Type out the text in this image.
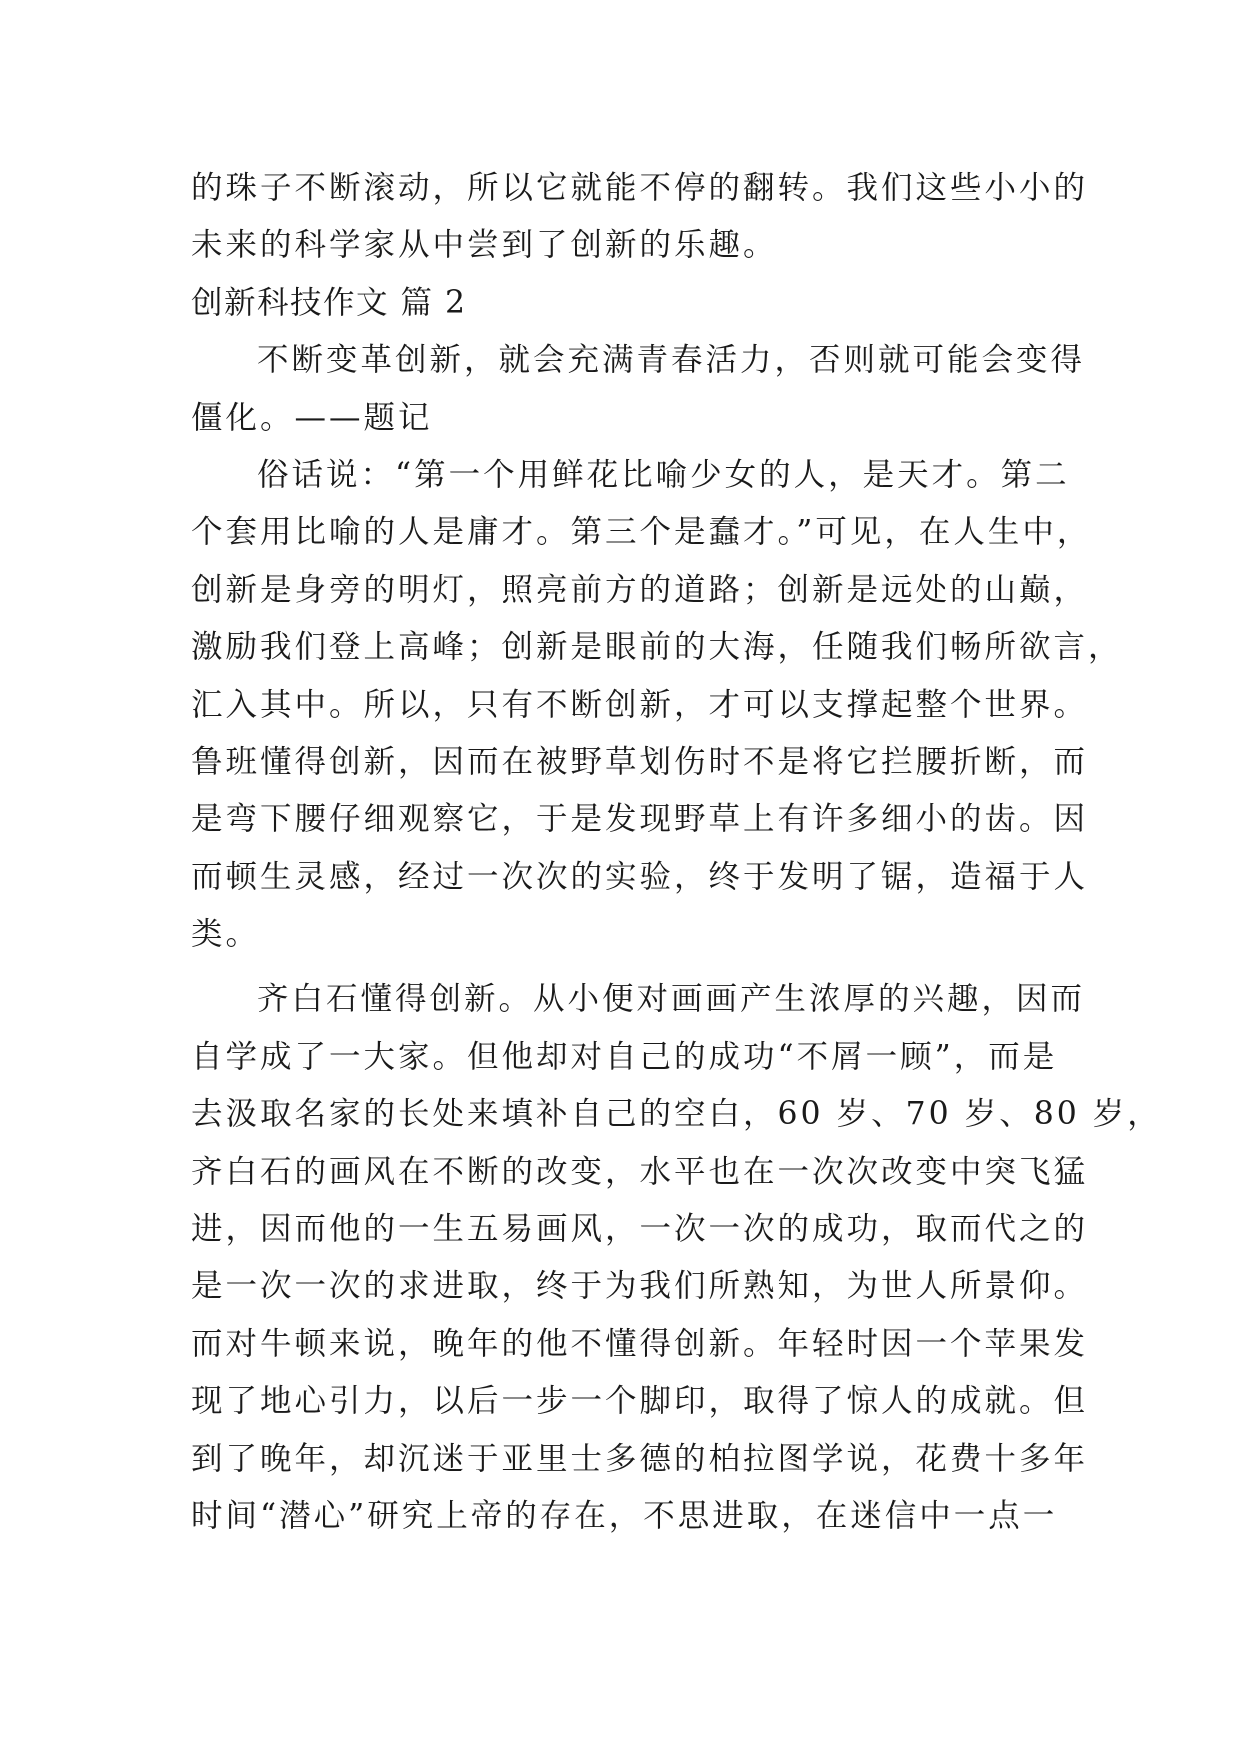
的珠子不断滚动，所以它就能不停的翻转。我们这些小小的
未来的科学家从中尝到了创新的乐趣。
创新科技作文 篇 2
不断变革创新，就会充满青春活力，否则就可能会变得
僵化。——题记
俗话说：“第一个用鲜花比喻少女的人，是天才。第二
个套用比喻的人是庸才。第三个是蠢才。”可见，在人生中，
创新是身旁的明灯，照亮前方的道路；创新是远处的山巅，
激励我们登上高峰；创新是眼前的大海，任随我们畅所欲言，
汇入其中。所以，只有不断创新，才可以支撑起整个世界。
鲁班懂得创新，因而在被野草划伤时不是将它拦腰折断，而
是弯下腰仔细观察它，于是发现野草上有许多细小的齿。因
而顿生灵感，经过一次次的实验，终于发明了锯，造福于人
类。
齐白石懂得创新。从小便对画画产生浓厚的兴趣，因而
自学成了一大家。但他却对自己的成功“不屑一顾”，而是
去汲取名家的长处来填补自己的空白，60 岁、70 岁、80 岁，
齐白石的画风在不断的改变，水平也在一次次改变中突飞猛
进，因而他的一生五易画风，一次一次的成功，取而代之的
是一次一次的求进取，终于为我们所熟知，为世人所景仰。
而对牛顿来说，晚年的他不懂得创新。年轻时因一个苹果发
现了地心引力，以后一步一个脚印，取得了惊人的成就。但
到了晚年，却沉迷于亚里士多德的柏拉图学说，花费十多年
时间“潜心”研究上帝的存在，不思进取，在迷信中一点一
